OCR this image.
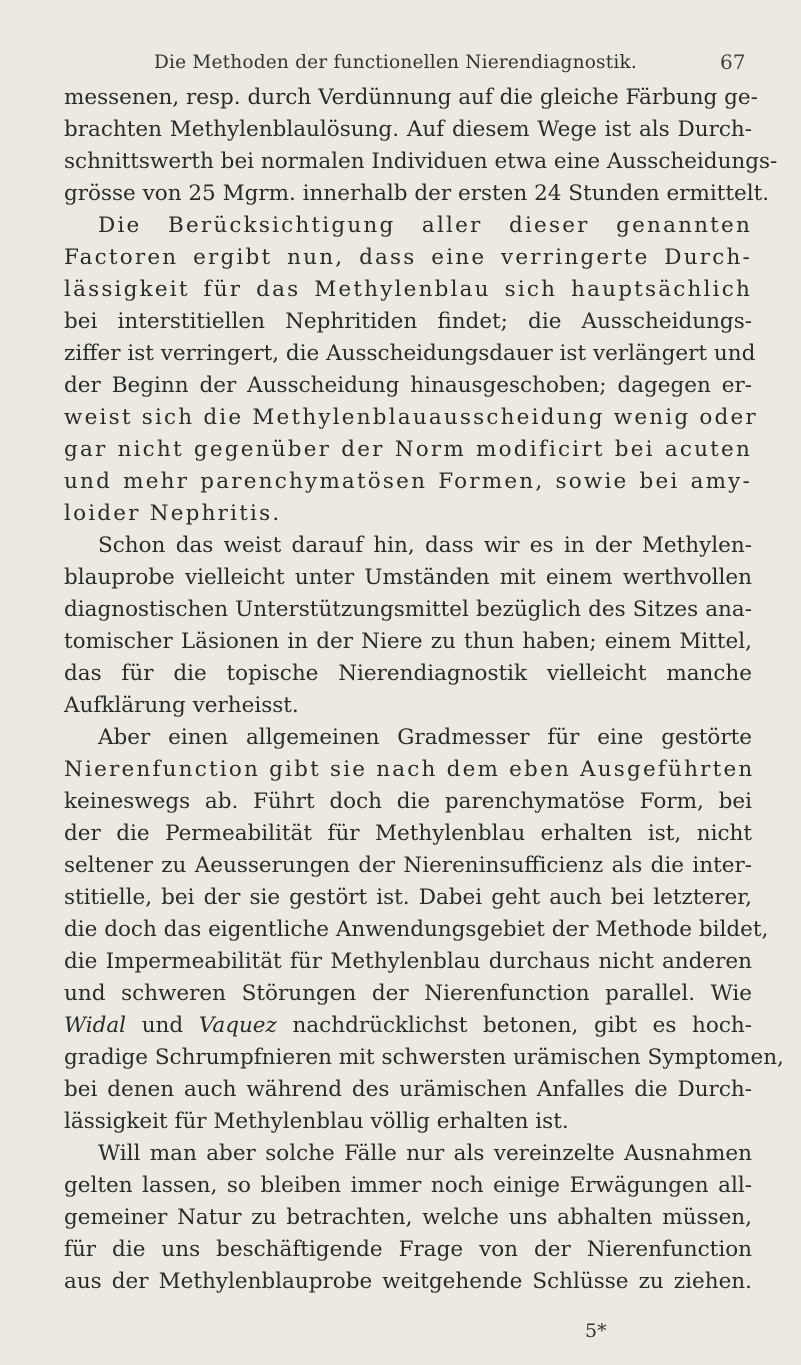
Die Methoden der functionellen Nierendiagnostik.	67
messenen, resp. durch Verdünnung auf die gleiche Färbung ge-
brachten Methylenblaulösung. Auf diesem Wege ist als Durch-
schnittswerth bei normalen Individuen etwa eine Ausscheidungs-
grösse von 25 Mgrm. innerhalb der ersten 24 Stunden ermittelt.
Die Berücksichtigung aller dieser genannten
Factoren ergibt nun, dass eine verringerte Durch-
lässigkeit für das Methylenblau sich hauptsächlich
bei interstitiellen Nephritiden findet; die Ausscheidungs-
ziffer ist verringert, die Ausscheidungsdauer ist verlängert und
der Beginn der Ausscheidung hinausgeschoben; dagegen er-
weist sich die Methylenblauausscheidung wenig oder
gar nicht gegenüber der Norm modificirt bei acuten
und mehr parenchymatösen Formen, sowie bei amy-
loider Nephritis.
Schon das weist darauf hin, dass wir es in der Methylen-
blauprobe vielleicht unter Umständen mit einem werthvollen
diagnostischen Unterstützungsmittel bezüglich des Sitzes ana-
tomischer Läsionen in der Niere zu thun haben; einem Mittel,
das für die topische Nierendiagnostik vielleicht manche
Aufklärung verheisst.
Aber einen allgemeinen Gradmesser für eine gestörte
Nierenfunction gibt sie nach dem eben Ausgeführten
keineswegs ab. Führt doch die parenchymatöse Form, bei
der die Permeabilität für Methylenblau erhalten ist, nicht
seltener zu Aeusserungen der Niereninsufficienz als die inter-
stitielle, bei der sie gestört ist. Dabei geht auch bei letzterer,
die doch das eigentliche Anwendungsgebiet der Methode bildet,
die Impermeabilität für Methylenblau durchaus nicht anderen
und schweren Störungen der Nierenfunction parallel. Wie
Widal und Vaquez nachdrücklichst betonen, gibt es hoch-
gradige Schrumpfnieren mit schwersten urämischen Symptomen,
bei denen auch während des urämischen Anfalles die Durch-
lässigkeit für Methylenblau völlig erhalten ist.
Will man aber solche Fälle nur als vereinzelte Ausnahmen
gelten lassen, so bleiben immer noch einige Erwägungen all-
gemeiner Natur zu betrachten, welche uns abhalten müssen,
für die uns beschäftigende Frage von der Nierenfunction
aus der Methylenblauprobe weitgehende Schlüsse zu ziehen.
5*
